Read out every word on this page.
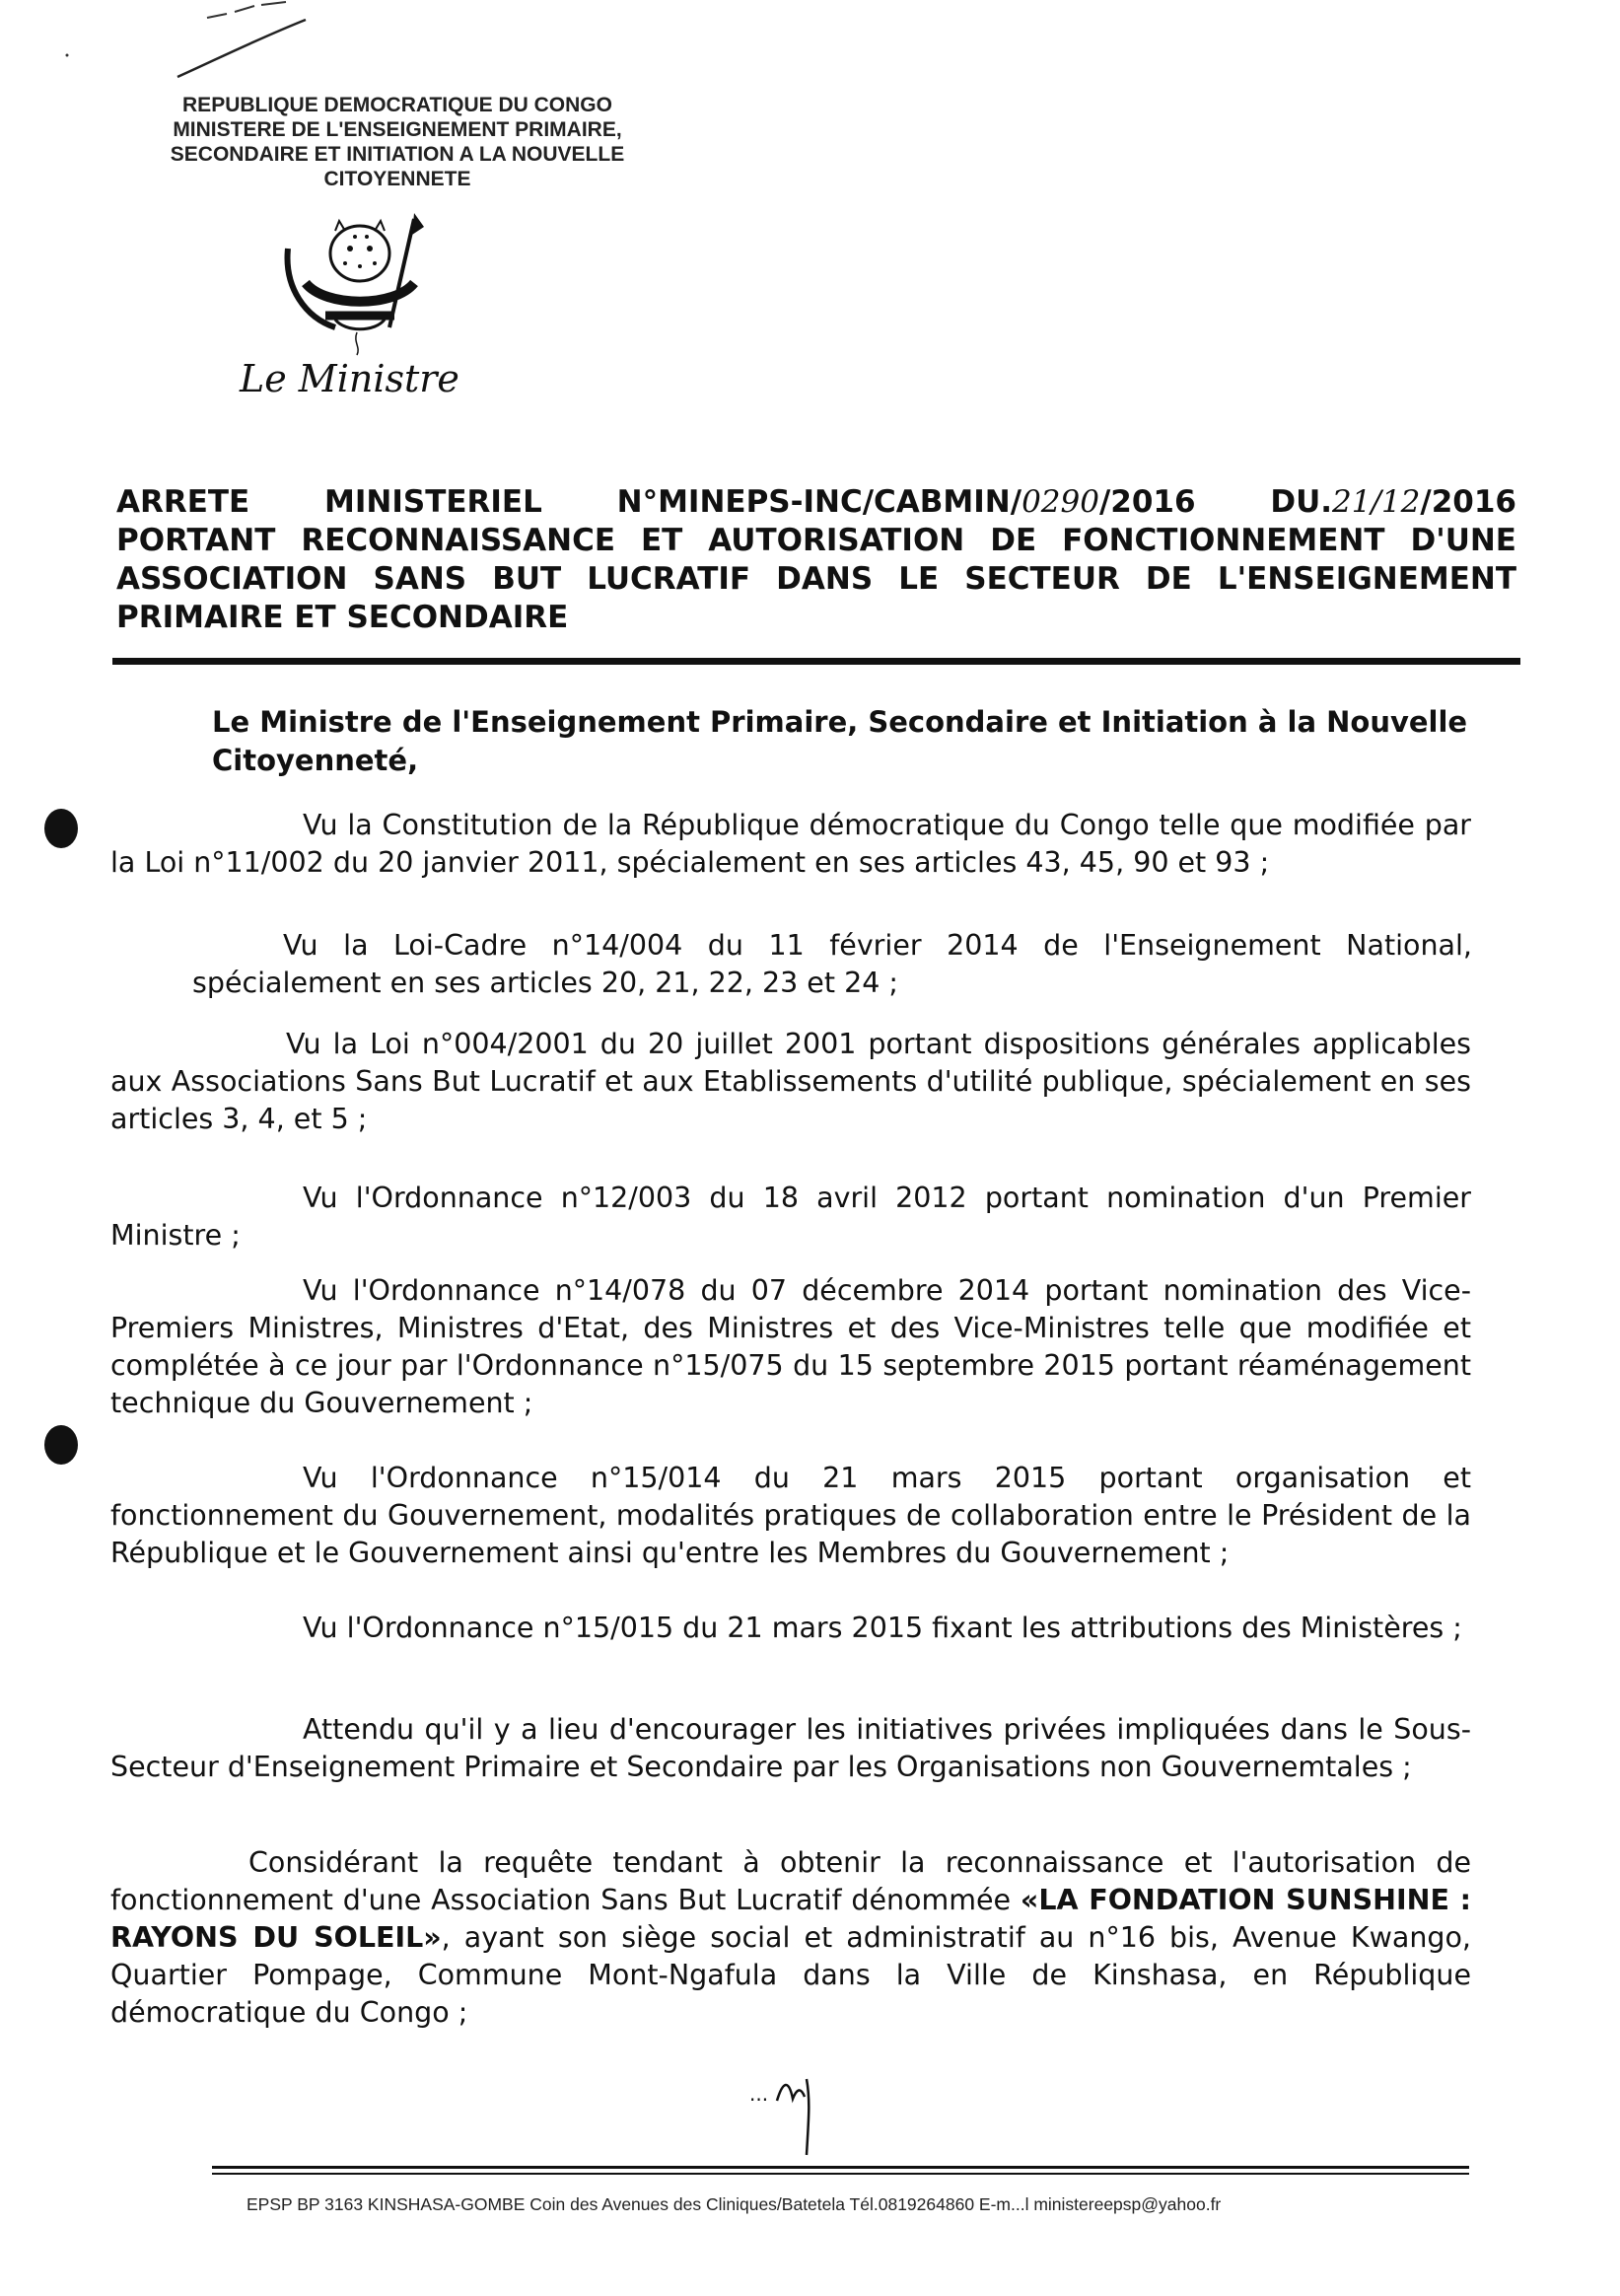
REPUBLIQUE DEMOCRATIQUE DU CONGO
MINISTERE DE L'ENSEIGNEMENT PRIMAIRE,
SECONDAIRE ET INITIATION A LA NOUVELLE
CITOYENNETE
Le Ministre
ARRETE MINISTERIEL N°MINEPS-INC/CABMIN/0290/2016 DU.21/12/2016
PORTANT RECONNAISSANCE ET AUTORISATION DE FONCTIONNEMENT D'UNE
ASSOCIATION SANS BUT LUCRATIF DANS LE SECTEUR DE L'ENSEIGNEMENT
PRIMAIRE ET SECONDAIRE
Le Ministre de l'Enseignement Primaire, Secondaire et Initiation à la Nouvelle Citoyenneté,
Vu la Constitution de la République démocratique du Congo telle que modifiée par la Loi n°11/002 du 20 janvier 2011, spécialement en ses articles 43, 45, 90 et 93 ;
Vu la Loi-Cadre n°14/004 du 11 février 2014 de l'Enseignement National, spécialement en ses articles 20, 21, 22, 23 et 24 ;
Vu la Loi n°004/2001 du 20 juillet 2001 portant dispositions générales applicables aux Associations Sans But Lucratif et aux Etablissements d'utilité publique, spécialement en ses articles 3, 4, et 5 ;
Vu l'Ordonnance n°12/003 du 18 avril 2012 portant nomination d'un Premier Ministre ;
Vu l'Ordonnance n°14/078 du 07 décembre 2014 portant nomination des Vice-Premiers Ministres, Ministres d'Etat, des Ministres et des Vice-Ministres telle que modifiée et complétée à ce jour par l'Ordonnance n°15/075 du 15 septembre 2015 portant réaménagement technique du Gouvernement ;
Vu l'Ordonnance n°15/014 du 21 mars 2015 portant organisation et fonctionnement du Gouvernement, modalités pratiques de collaboration entre le Président de la République et le Gouvernement ainsi qu'entre les Membres du Gouvernement ;
Vu l'Ordonnance n°15/015 du 21 mars 2015 fixant les attributions des Ministères ;
Attendu qu'il y a lieu d'encourager les initiatives privées impliquées dans le Sous-Secteur d'Enseignement Primaire et Secondaire par les Organisations non Gouvernemtales ;
Considérant la requête tendant à obtenir la reconnaissance et l'autorisation de fonctionnement d'une Association Sans But Lucratif dénommée «LA FONDATION SUNSHINE : RAYONS DU SOLEIL», ayant son siège social et administratif au n°16 bis, Avenue Kwango, Quartier Pompage, Commune Mont-Ngafula dans la Ville de Kinshasa, en République démocratique du Congo ;
...
EPSP BP 3163 KINSHASA-GOMBE Coin des Avenues des Cliniques/Batetela Tél.0819264860 E-m...l ministereepsp@yahoo.fr
